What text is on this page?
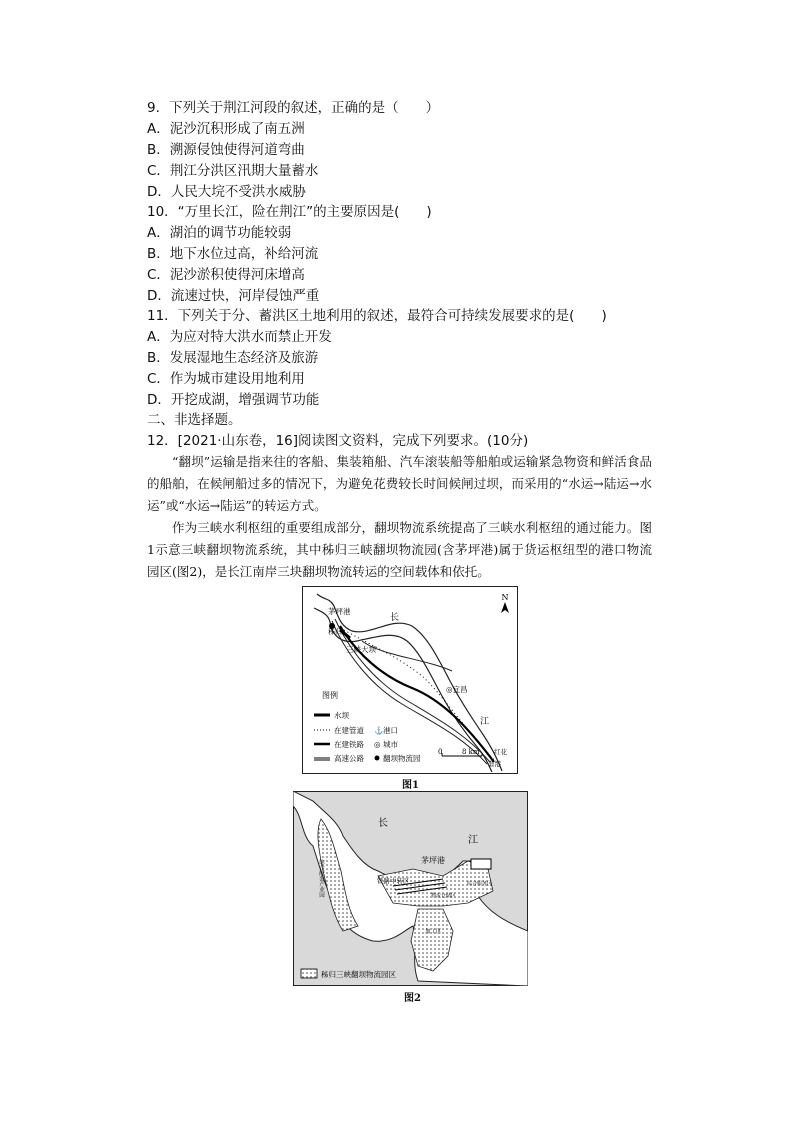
9．下列关于荆江河段的叙述，正确的是（　　）
A．泥沙沉积形成了南五洲
B．溯源侵蚀使得河道弯曲
C．荆江分洪区汛期大量蓄水
D．人民大垸不受洪水威胁
10．“万里长江，险在荆江”的主要原因是(　　)
A．湖泊的调节功能较弱
B．地下水位过高，补给河流
C．泥沙淤积使得河床增高
D．流速过快，河岸侵蚀严重
11．下列关于分、蓄洪区土地利用的叙述，最符合可持续发展要求的是(　　)
A．为应对特大洪水而禁止开发
B．发展湿地生态经济及旅游
C．作为城市建设用地利用
D．开挖成湖，增强调节功能
二、非选择题。
12．[2021·山东卷，16]阅读图文资料，完成下列要求。(10分)
“翻坝”运输是指来往的客船、集装箱船、汽车滚装船等船舶或运输紧急物资和鲜活食品的船舶，在候闸船过多的情况下，为避免花费较长时间候闸过坝，而采用的“水运→陆运→水运”或“水运→陆运”的转运方式。
作为三峡水利枢纽的重要组成部分，翻坝物流系统提高了三峡水利枢纽的通过能力。图1示意三峡翻坝物流系统，其中秭归三峡翻坝物流园(含茅坪港)属于货运枢纽型的港口物流园区(图2)，是长江南岸三块翻坝物流转运的空间载体和依托。
N
茅坪港
秭归
长
三峡大坝
◎宜昌
江
红花
套港
图例
水坝
在建管道 ⚓ 港口
在建铁路 ◎ 城市
高速公路	翻坝物流园
0	8 km
图1
长
江
茅坪港
综合配套产业园	铁路中转区	综合服务区
物流仓储区
加工区
秭归三峡翻坝物流园区
图2
